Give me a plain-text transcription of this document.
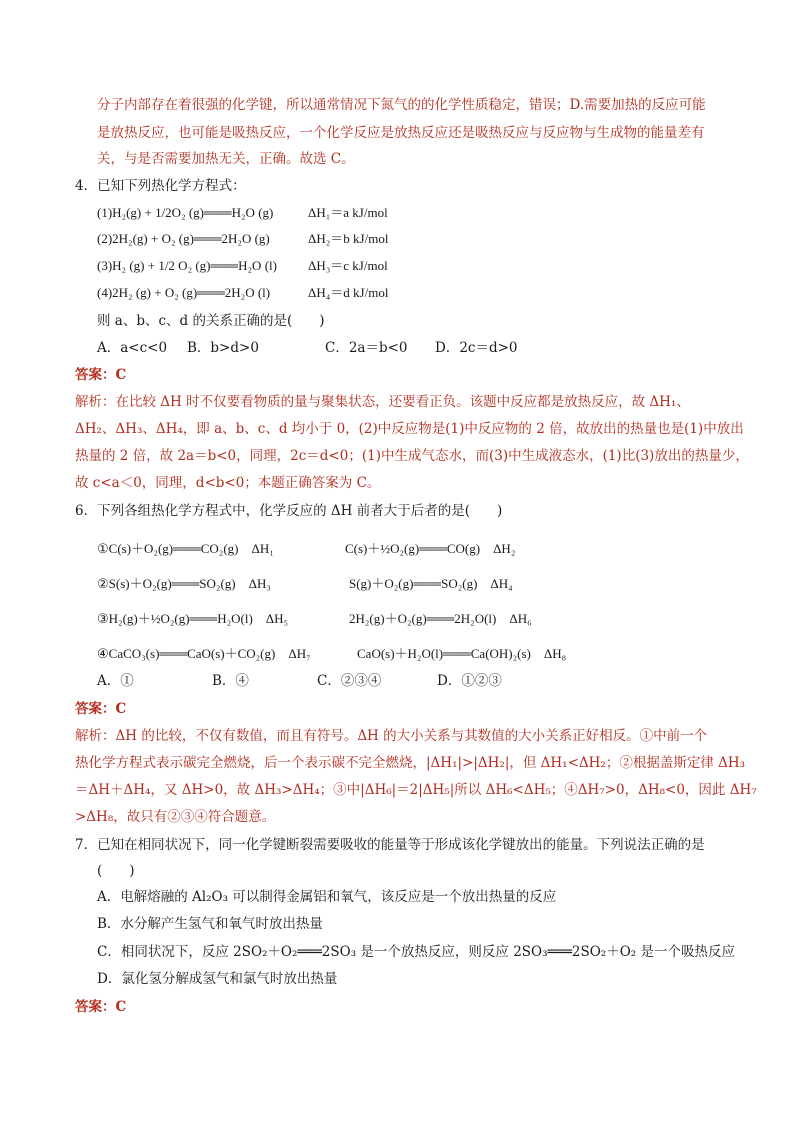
分子内部存在着很强的化学键，所以通常情况下氮气的的化学性质稳定，错误；D.需要加热的反应可能
是放热反应，也可能是吸热反应，一个化学反应是放热反应还是吸热反应与反应物与生成物的能量差有
关，与是否需要加热无关，正确。故选 C。
4．已知下列热化学方程式：
(1)H₂(g) + 1/2O₂ (g)═══H₂O (g)	ΔH₁＝a kJ/mol
(2)2H₂(g) + O₂ (g)═══2H₂O (g)	ΔH₂＝b kJ/mol
(3)H₂ (g) + 1/2 O₂ (g)═══H₂O (l) ΔH₃＝c kJ/mol
(4)2H₂ (g) + O₂ (g)═══2H₂O (l)	ΔH₄＝d kJ/mol
则 a、b、c、d 的关系正确的是(　　)
A．a<c<0 B．b>d>0	C．2a＝b<0 D．2c＝d>0
答案：C
解析：在比较 ΔH 时不仅要看物质的量与聚集状态，还要看正负。该题中反应都是放热反应，故 ΔH₁、
ΔH₂、ΔH₃、ΔH₄，即 a、b、c、d 均小于 0，(2)中反应物是(1)中反应物的 2 倍，故放出的热量也是(1)中放出
热量的 2 倍，故 2a＝b<0，同理，2c＝d<0；(1)中生成气态水，而(3)中生成液态水，(1)比(3)放出的热量少，
故 c<a＜0，同理，d<b<0；本题正确答案为 C。
6．下列各组热化学方程式中，化学反应的 ΔH 前者大于后者的是(　　)
①C(s)＋O₂(g)═══CO₂(g)　ΔH₁	C(s)＋½O₂(g)═══CO(g)　ΔH₂
②S(s)＋O₂(g)═══SO₂(g)　ΔH₃	S(g)＋O₂(g)═══SO₂(g)　ΔH₄
③H₂(g)＋½O₂(g)═══H₂O(l)　ΔH₅	2H₂(g)＋O₂(g)═══2H₂O(l)　ΔH₆
④CaCO₃(s)═══CaO(s)＋CO₂(g)　ΔH₇	CaO(s)＋H₂O(l)═══Ca(OH)₂(s)　ΔH₈
A．①	B．④	C．②③④	D．①②③
答案：C
解析：ΔH 的比较，不仅有数值，而且有符号。ΔH 的大小关系与其数值的大小关系正好相反。①中前一个
热化学方程式表示碳完全燃烧，后一个表示碳不完全燃烧，|ΔH₁|>|ΔH₂|，但 ΔH₁<ΔH₂；②根据盖斯定律 ΔH₃
＝ΔH＋ΔH₄，又 ΔH>0，故 ΔH₃>ΔH₄；③中|ΔH₆|＝2|ΔH₅|所以 ΔH₆<ΔH₅；④ΔH₇>0，ΔH₈<0，因此 ΔH₇
>ΔH₈，故只有②③④符合题意。
7．已知在相同状况下，同一化学键断裂需要吸收的能量等于形成该化学键放出的能量。下列说法正确的是
(　　)
A．电解熔融的 Al₂O₃ 可以制得金属铝和氧气，该反应是一个放出热量的反应
B．水分解产生氢气和氧气时放出热量
C．相同状况下，反应 2SO₂＋O₂═══2SO₃ 是一个放热反应，则反应 2SO₃═══2SO₂＋O₂ 是一个吸热反应
D．氯化氢分解成氢气和氯气时放出热量
答案：C
